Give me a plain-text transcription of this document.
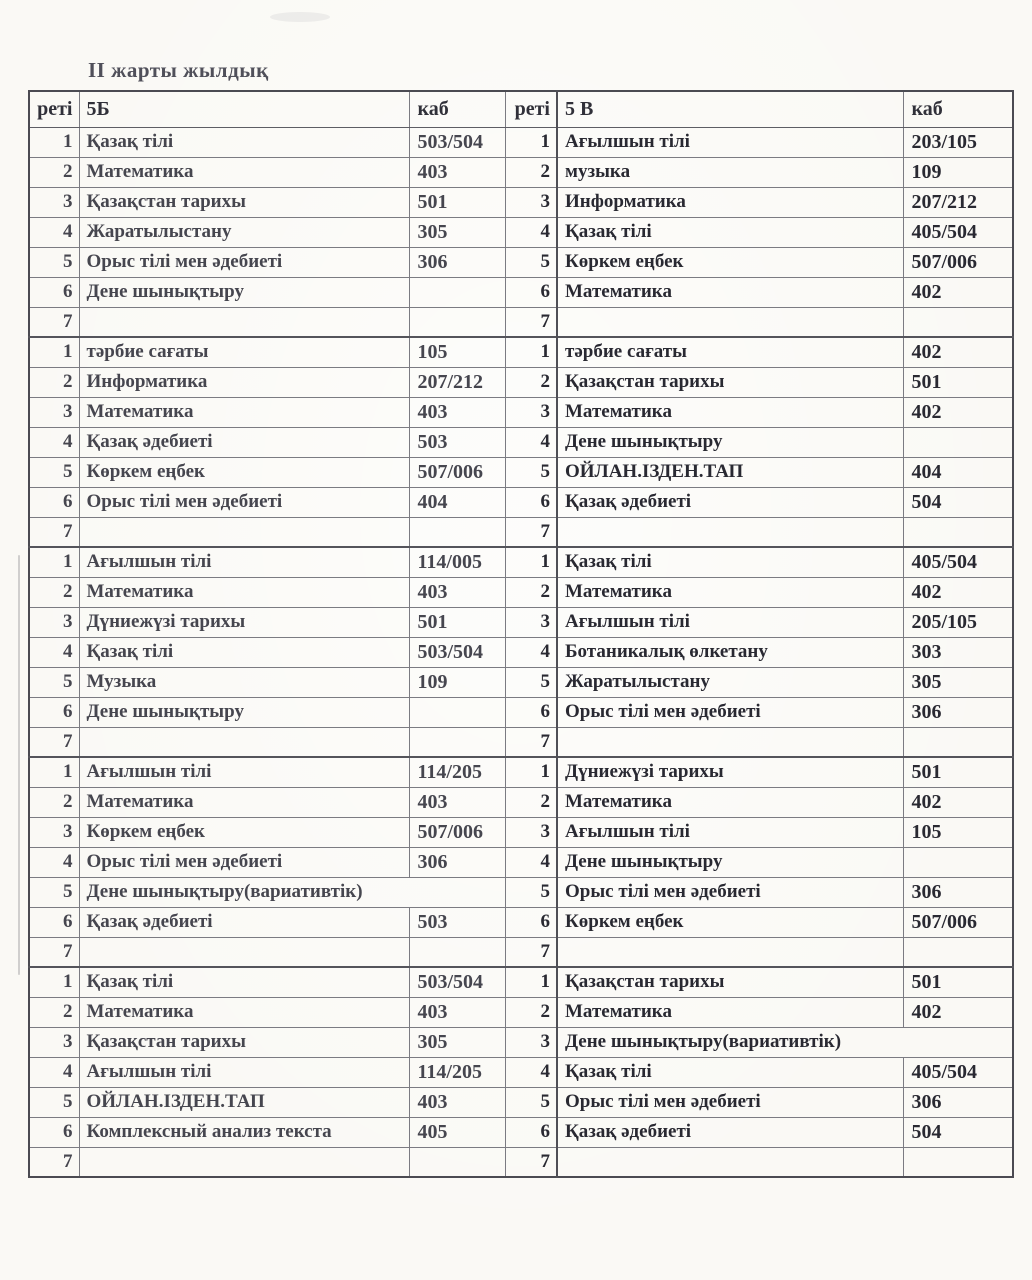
ІІ жарты жылдық
реті	5Б	каб	реті	5 В	каб
1	Қазақ тілі	503/504	1	Ағылшын тілі	203/105
2	Математика	403	2	музыка	109
3	Қазақстан тарихы	501	3	Информатика	207/212
4	Жаратылыстану	305	4	Қазақ тілі	405/504
5	Орыс тілі мен әдебиеті	306	5	Көркем еңбек	507/006
6	Дене шынықтыру		6	Математика	402
7			7		
1	тәрбие сағаты	105	1	тәрбие сағаты	402
2	Информатика	207/212	2	Қазақстан тарихы	501
3	Математика	403	3	Математика	402
4	Қазақ әдебиеті	503	4	Дене шынықтыру	
5	Көркем еңбек	507/006	5	ОЙЛАН.ІЗДЕН.ТАП	404
6	Орыс тілі мен әдебиеті	404	6	Қазақ әдебиеті	504
7			7		
1	Ағылшын тілі	114/005	1	Қазақ тілі	405/504
2	Математика	403	2	Математика	402
3	Дүниежүзі тарихы	501	3	Ағылшын тілі	205/105
4	Қазақ тілі	503/504	4	Ботаникалық өлкетану	303
5	Музыка	109	5	Жаратылыстану	305
6	Дене шынықтыру		6	Орыс тілі мен әдебиеті	306
7			7		
1	Ағылшын тілі	114/205	1	Дүниежүзі тарихы	501
2	Математика	403	2	Математика	402
3	Көркем еңбек	507/006	3	Ағылшын тілі	105
4	Орыс тілі мен әдебиеті	306	4	Дене шынықтыру	
5	Дене шынықтыру(вариативтік)		5	Орыс тілі мен әдебиеті	306
6	Қазақ әдебиеті	503	6	Көркем еңбек	507/006
7			7		
1	Қазақ тілі	503/504	1	Қазақстан тарихы	501
2	Математика	403	2	Математика	402
3	Қазақстан тарихы	305	3	Дене шынықтыру(вариативтік)	
4	Ағылшын тілі	114/205	4	Қазақ тілі	405/504
5	ОЙЛАН.ІЗДЕН.ТАП	403	5	Орыс тілі мен әдебиеті	306
6	Комплексный анализ текста	405	6	Қазақ әдебиеті	504
7			7		
